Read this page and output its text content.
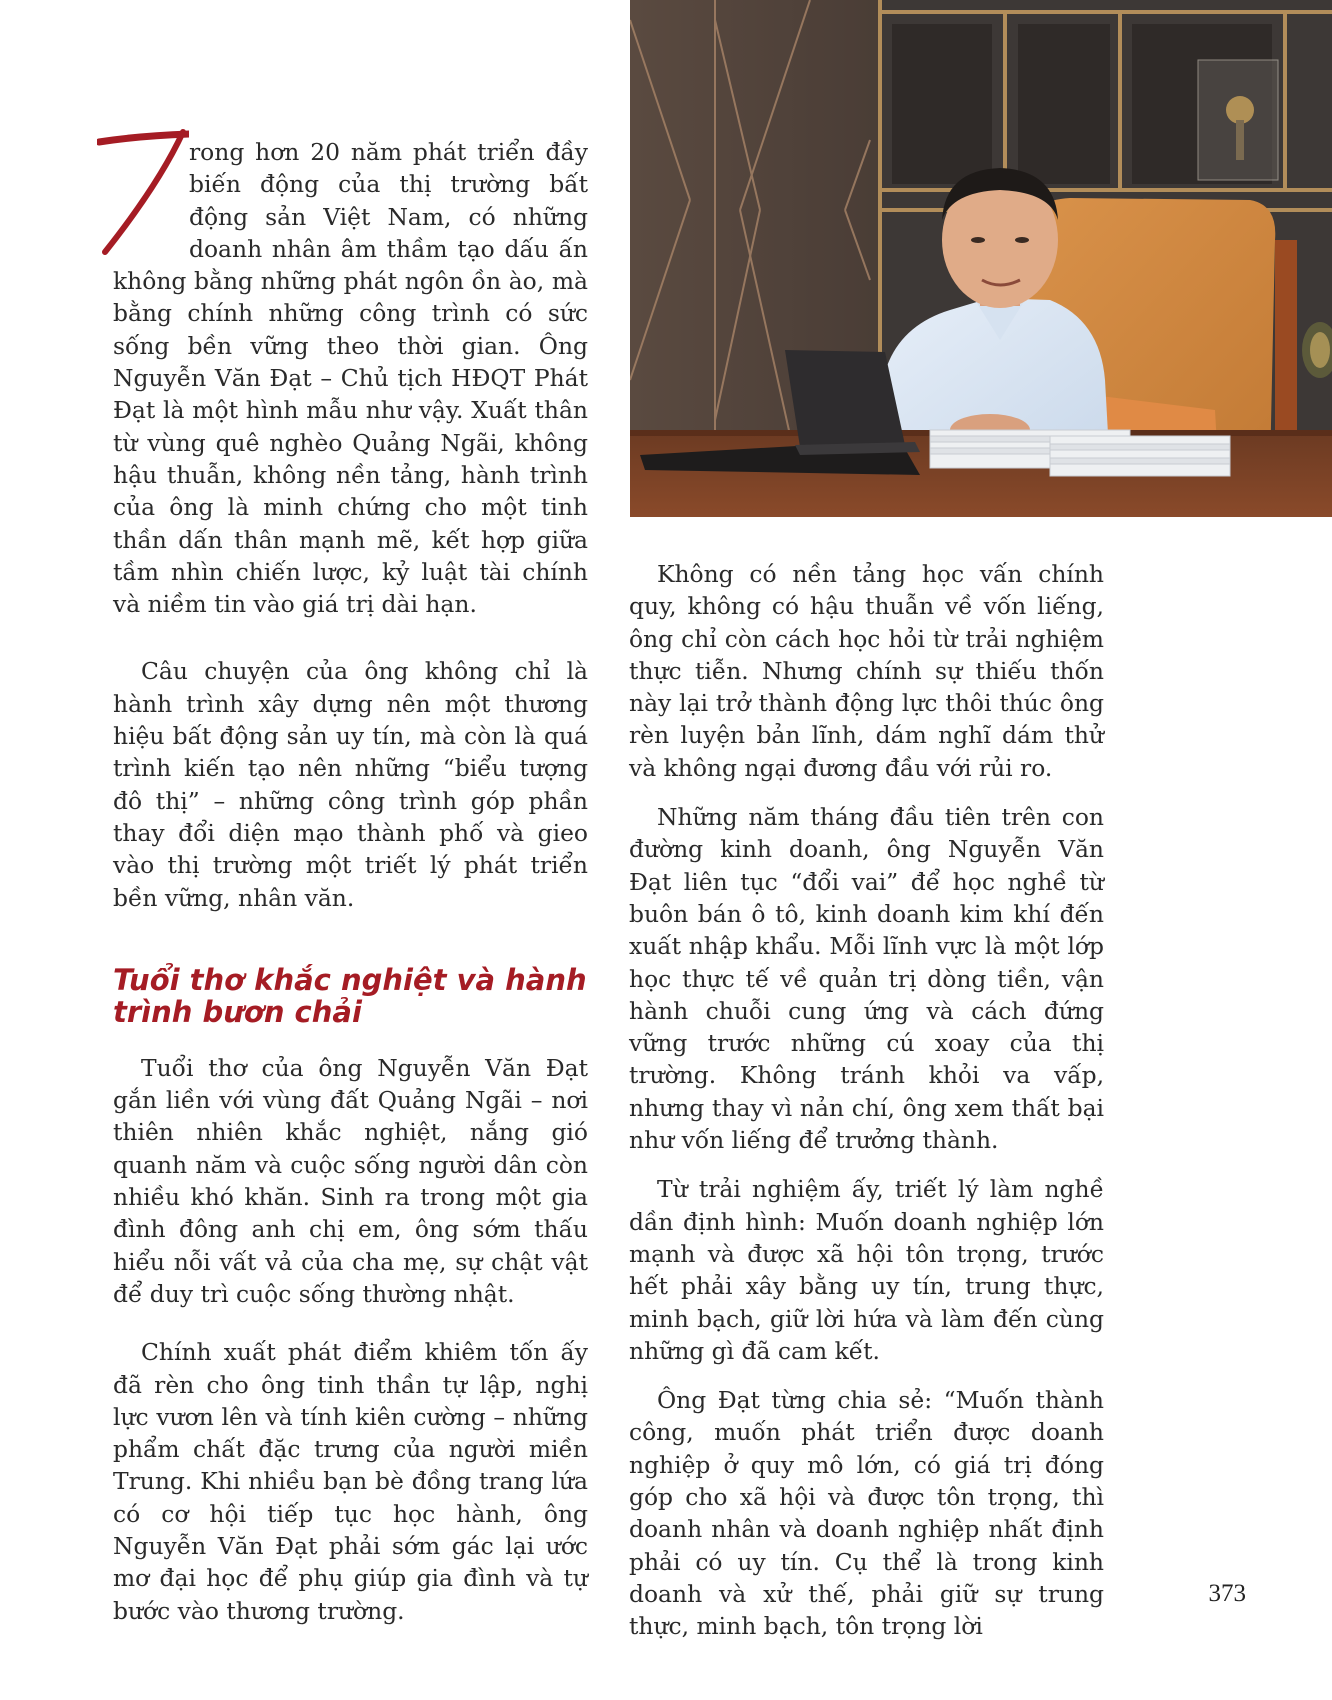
rong hơn 20 năm phát triển đầy biến động của thị trường bất động sản Việt Nam, có những doanh nhân âm thầm tạo dấu ấn không bằng những phát ngôn ồn ào, mà bằng chính những công trình có sức sống bền vững theo thời gian. Ông Nguyễn Văn Đạt – Chủ tịch HĐQT Phát Đạt là một hình mẫu như vậy. Xuất thân từ vùng quê nghèo Quảng Ngãi, không hậu thuẫn, không nền tảng, hành trình của ông là minh chứng cho một tinh thần dấn thân mạnh mẽ, kết hợp giữa tầm nhìn chiến lược, kỷ luật tài chính và niềm tin vào giá trị dài hạn.

Câu chuyện của ông không chỉ là hành trình xây dựng nên một thương hiệu bất động sản uy tín, mà còn là quá trình kiến tạo nên những “biểu tượng đô thị” – những công trình góp phần thay đổi diện mạo thành phố và gieo vào thị trường một triết lý phát triển bền vững, nhân văn.

Tuổi thơ khắc nghiệt và hành trình bươn chải

Tuổi thơ của ông Nguyễn Văn Đạt gắn liền với vùng đất Quảng Ngãi – nơi thiên nhiên khắc nghiệt, nắng gió quanh năm và cuộc sống người dân còn nhiều khó khăn. Sinh ra trong một gia đình đông anh chị em, ông sớm thấu hiểu nỗi vất vả của cha mẹ, sự chật vật để duy trì cuộc sống thường nhật.

Chính xuất phát điểm khiêm tốn ấy đã rèn cho ông tinh thần tự lập, nghị lực vươn lên và tính kiên cường – những phẩm chất đặc trưng của người miền Trung. Khi nhiều bạn bè đồng trang lứa có cơ hội tiếp tục học hành, ông Nguyễn Văn Đạt phải sớm gác lại ước mơ đại học để phụ giúp gia đình và tự bước vào thương trường.

Không có nền tảng học vấn chính quy, không có hậu thuẫn về vốn liếng, ông chỉ còn cách học hỏi từ trải nghiệm thực tiễn. Nhưng chính sự thiếu thốn này lại trở thành động lực thôi thúc ông rèn luyện bản lĩnh, dám nghĩ dám thử và không ngại đương đầu với rủi ro.

Những năm tháng đầu tiên trên con đường kinh doanh, ông Nguyễn Văn Đạt liên tục “đổi vai” để học nghề từ buôn bán ô tô, kinh doanh kim khí đến xuất nhập khẩu. Mỗi lĩnh vực là một lớp học thực tế về quản trị dòng tiền, vận hành chuỗi cung ứng và cách đứng vững trước những cú xoay của thị trường. Không tránh khỏi va vấp, nhưng thay vì nản chí, ông xem thất bại như vốn liếng để trưởng thành.

Từ trải nghiệm ấy, triết lý làm nghề dần định hình: Muốn doanh nghiệp lớn mạnh và được xã hội tôn trọng, trước hết phải xây bằng uy tín, trung thực, minh bạch, giữ lời hứa và làm đến cùng những gì đã cam kết.

Ông Đạt từng chia sẻ: “Muốn thành công, muốn phát triển được doanh nghiệp ở quy mô lớn, có giá trị đóng góp cho xã hội và được tôn trọng, thì doanh nhân và doanh nghiệp nhất định phải có uy tín. Cụ thể là trong kinh doanh và xử thế, phải giữ sự trung thực, minh bạch, tôn trọng lời

373
